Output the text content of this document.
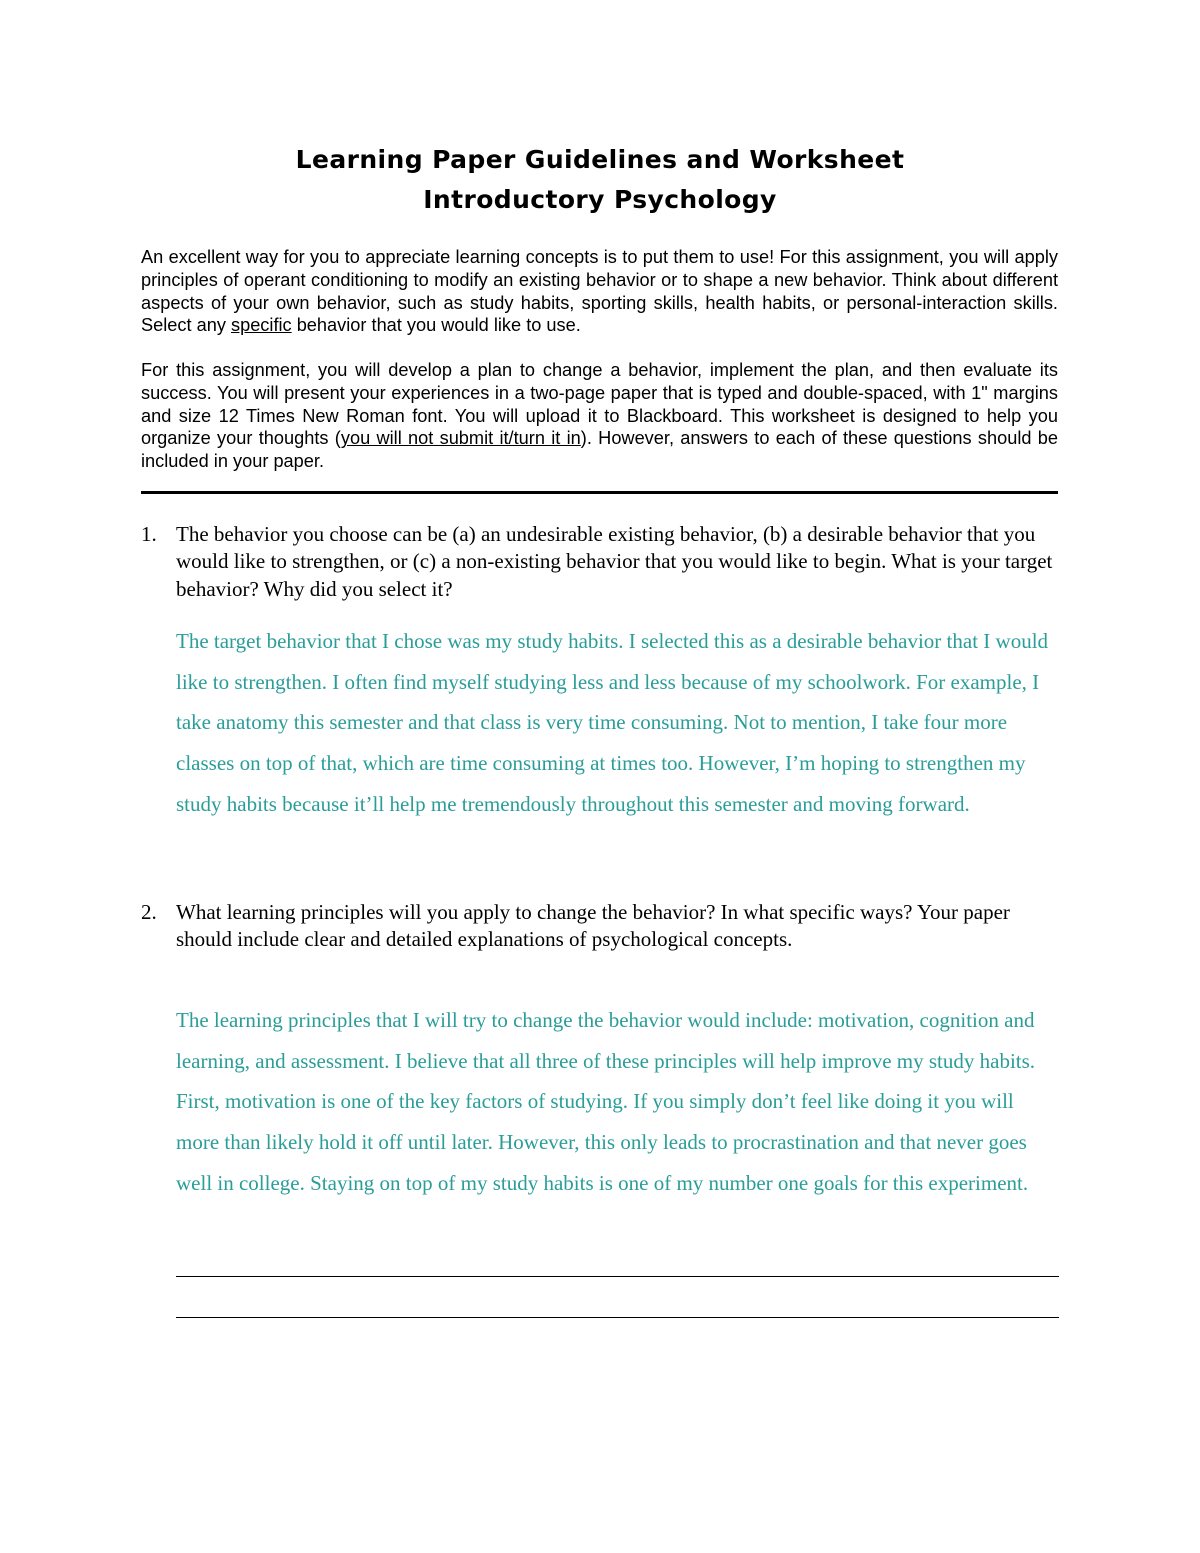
Learning Paper Guidelines and Worksheet
Introductory Psychology

An excellent way for you to appreciate learning concepts is to put them to use! For this assignment, you will apply principles of operant conditioning to modify an existing behavior or to shape a new behavior. Think about different aspects of your own behavior, such as study habits, sporting skills, health habits, or personal-interaction skills. Select any specific behavior that you would like to use.

For this assignment, you will develop a plan to change a behavior, implement the plan, and then evaluate its success. You will present your experiences in a two-page paper that is typed and double-spaced, with 1" margins and size 12 Times New Roman font. You will upload it to Blackboard. This worksheet is designed to help you organize your thoughts (you will not submit it/turn it in). However, answers to each of these questions should be included in your paper.

1. The behavior you choose can be (a) an undesirable existing behavior, (b) a desirable behavior that you would like to strengthen, or (c) a non-existing behavior that you would like to begin. What is your target behavior? Why did you select it?

The target behavior that I chose was my study habits. I selected this as a desirable behavior that I would like to strengthen. I often find myself studying less and less because of my schoolwork. For example, I take anatomy this semester and that class is very time consuming. Not to mention, I take four more classes on top of that, which are time consuming at times too. However, I’m hoping to strengthen my study habits because it’ll help me tremendously throughout this semester and moving forward.

2. What learning principles will you apply to change the behavior? In what specific ways? Your paper should include clear and detailed explanations of psychological concepts.

The learning principles that I will try to change the behavior would include: motivation, cognition and learning, and assessment. I believe that all three of these principles will help improve my study habits. First, motivation is one of the key factors of studying. If you simply don’t feel like doing it you will more than likely hold it off until later. However, this only leads to procrastination and that never goes well in college. Staying on top of my study habits is one of my number one goals for this experiment.
